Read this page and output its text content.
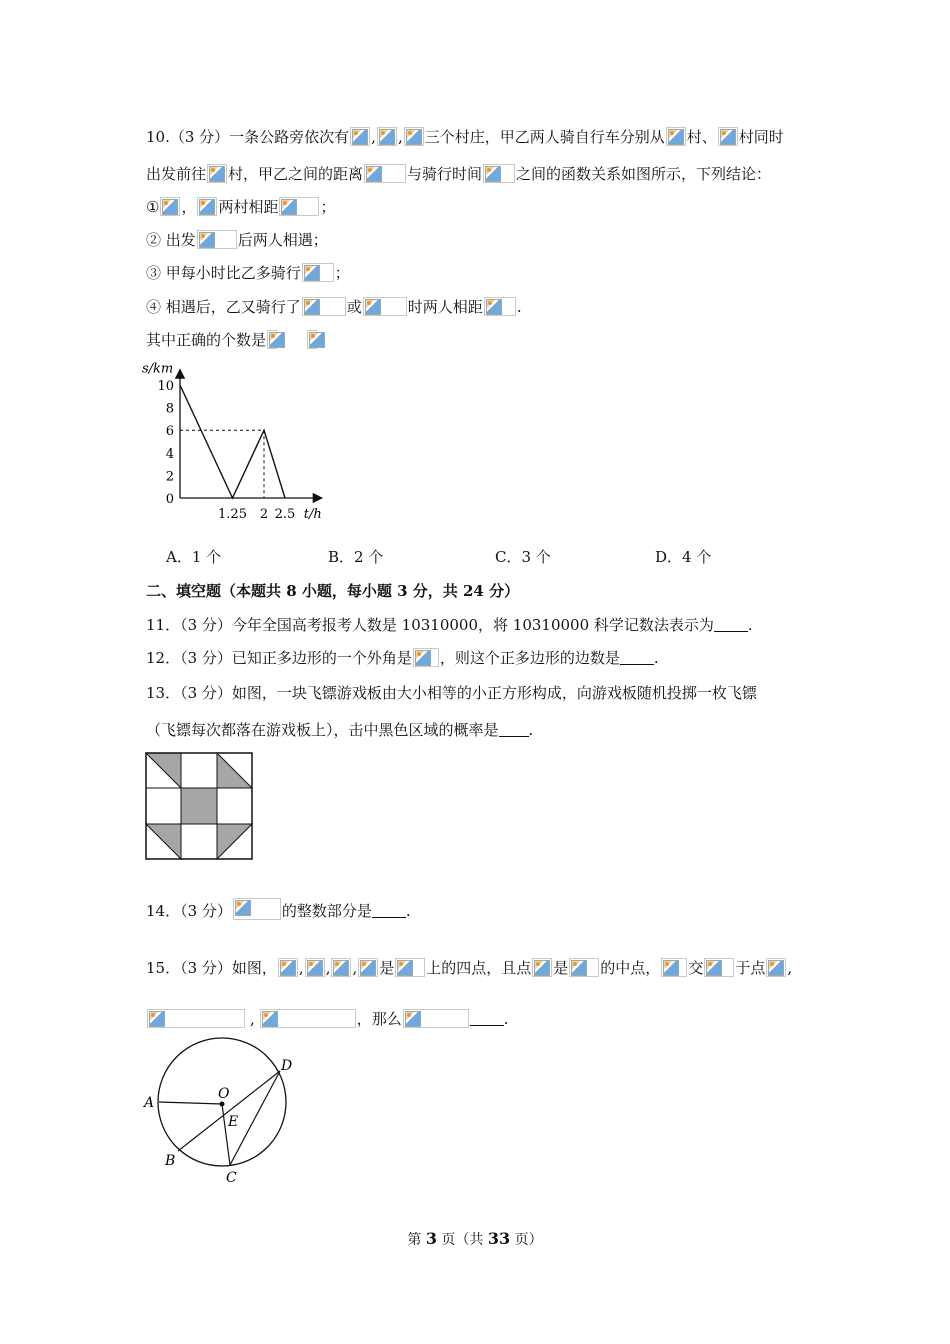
10.（3 分）一条公路旁依次有 , , 三个村庄，甲乙两人骑自行车分别从 村、 村同时
出发前往 村，甲乙之间的距离	与骑行时间 之间的函数关系如图所示，下列结论：
① ， 两村相距	；
② 出发	后两人相遇；
③ 甲每小时比乙多骑行 ；
④ 相遇后，乙又骑行了	或	时两人相距 .
其中正确的个数是
s/km
t/h
10
8
6
4
2
0
1.25 2 2.5
A．1 个	B．2 个	C．3 个	D．4 个
二、填空题（本题共 8 小题，每小题 3 分，共 24 分）
11．（3 分）今年全国高考报考人数是 10310000，将 10310000 科学记数法表示为 .
12．（3 分）已知正多边形的一个外角是 ，则这个正多边形的边数是 .
13．（3 分）如图，一块飞镖游戏板由大小相等的小正方形构成，向游戏板随机投掷一枚飞镖
（飞镖每次都落在游戏板上），击中黑色区域的概率是 .
14．（3 分）	的整数部分是 .
15．（3 分）如图， , , , 是 上的四点，且点 是 的中点， 交 于点 ,
,	，那么	.
A
B
C
D
O
E
第 3 页（共 33 页）
